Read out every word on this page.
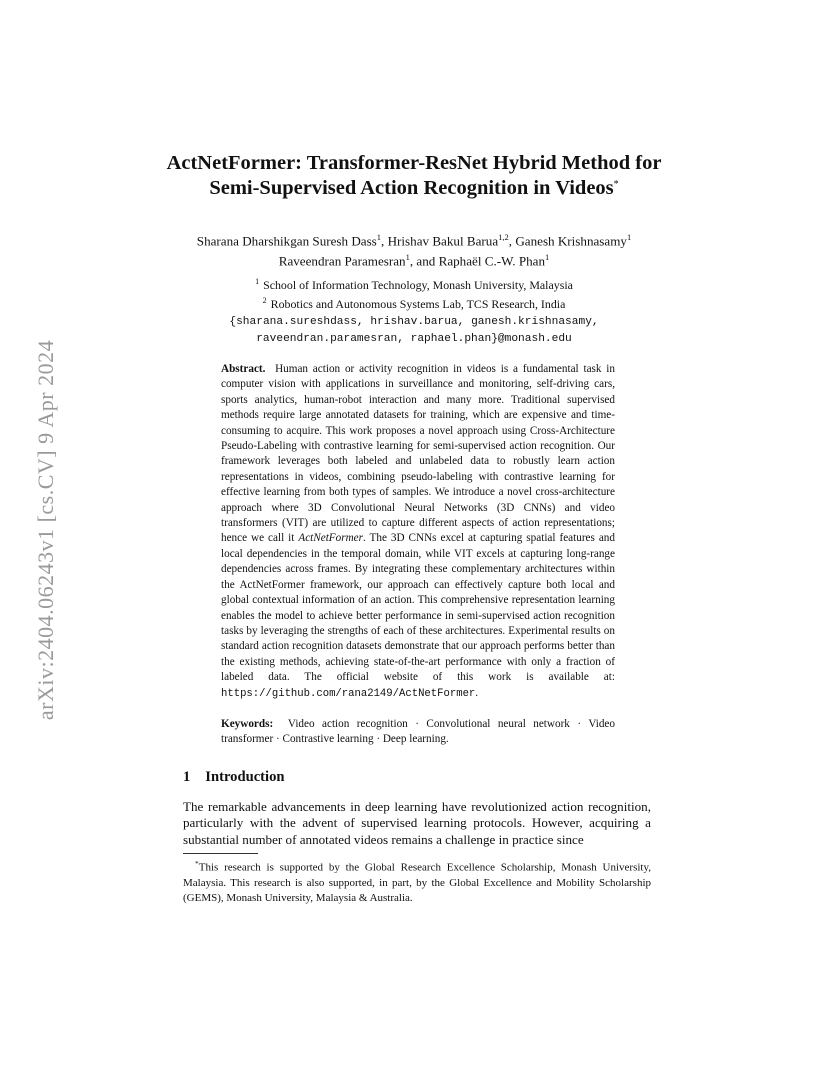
arXiv:2404.06243v1 [cs.CV] 9 Apr 2024
ActNetFormer: Transformer-ResNet Hybrid Method for
Semi-Supervised Action Recognition in Videos*
Sharana Dharshikgan Suresh Dass$^1$, Hrishav Bakul Barua$^{1,2}$, Ganesh Krishnasamy$^1$
Raveendran Paramesran$^1$, and Raphaël C.-W. Phan$^1$
$^1$ School of Information Technology, Monash University, Malaysia
$^2$ Robotics and Autonomous Systems Lab, TCS Research, India
{sharana.sureshdass, hrishav.barua, ganesh.krishnasamy,
raveendran.paramesran, raphael.phan}@monash.edu
Abstract. Human action or activity recognition in videos is a fundamental task in computer vision with applications in surveillance and monitoring, self-driving cars, sports analytics, human-robot interaction and many more. Traditional supervised methods require large annotated datasets for training, which are expensive and time-consuming to acquire. This work proposes a novel approach using Cross-Architecture Pseudo-Labeling with contrastive learning for semi-supervised action recognition. Our framework leverages both labeled and unlabeled data to robustly learn action representations in videos, combining pseudo-labeling with contrastive learning for effective learning from both types of samples. We introduce a novel cross-architecture approach where 3D Convolutional Neural Networks (3D CNNs) and video transformers (VIT) are utilized to capture different aspects of action representations; hence we call it ActNetFormer. The 3D CNNs excel at capturing spatial features and local dependencies in the temporal domain, while VIT excels at capturing long-range dependencies across frames. By integrating these complementary architectures within the ActNetFormer framework, our approach can effectively capture both local and global contextual information of an action. This comprehensive representation learning enables the model to achieve better performance in semi-supervised action recognition tasks by leveraging the strengths of each of these architectures. Experimental results on standard action recognition datasets demonstrate that our approach performs better than the existing methods, achieving state-of-the-art performance with only a fraction of labeled data. The official website of this work is available at: https://github.com/rana2149/ActNetFormer.
Keywords: Video action recognition · Convolutional neural network · Video transformer · Contrastive learning · Deep learning.
1 Introduction
The remarkable advancements in deep learning have revolutionized action recognition, particularly with the advent of supervised learning protocols. However, acquiring a substantial number of annotated videos remains a challenge in practice since
*This research is supported by the Global Research Excellence Scholarship, Monash University, Malaysia. This research is also supported, in part, by the Global Excellence and Mobility Scholarship (GEMS), Monash University, Malaysia & Australia.
